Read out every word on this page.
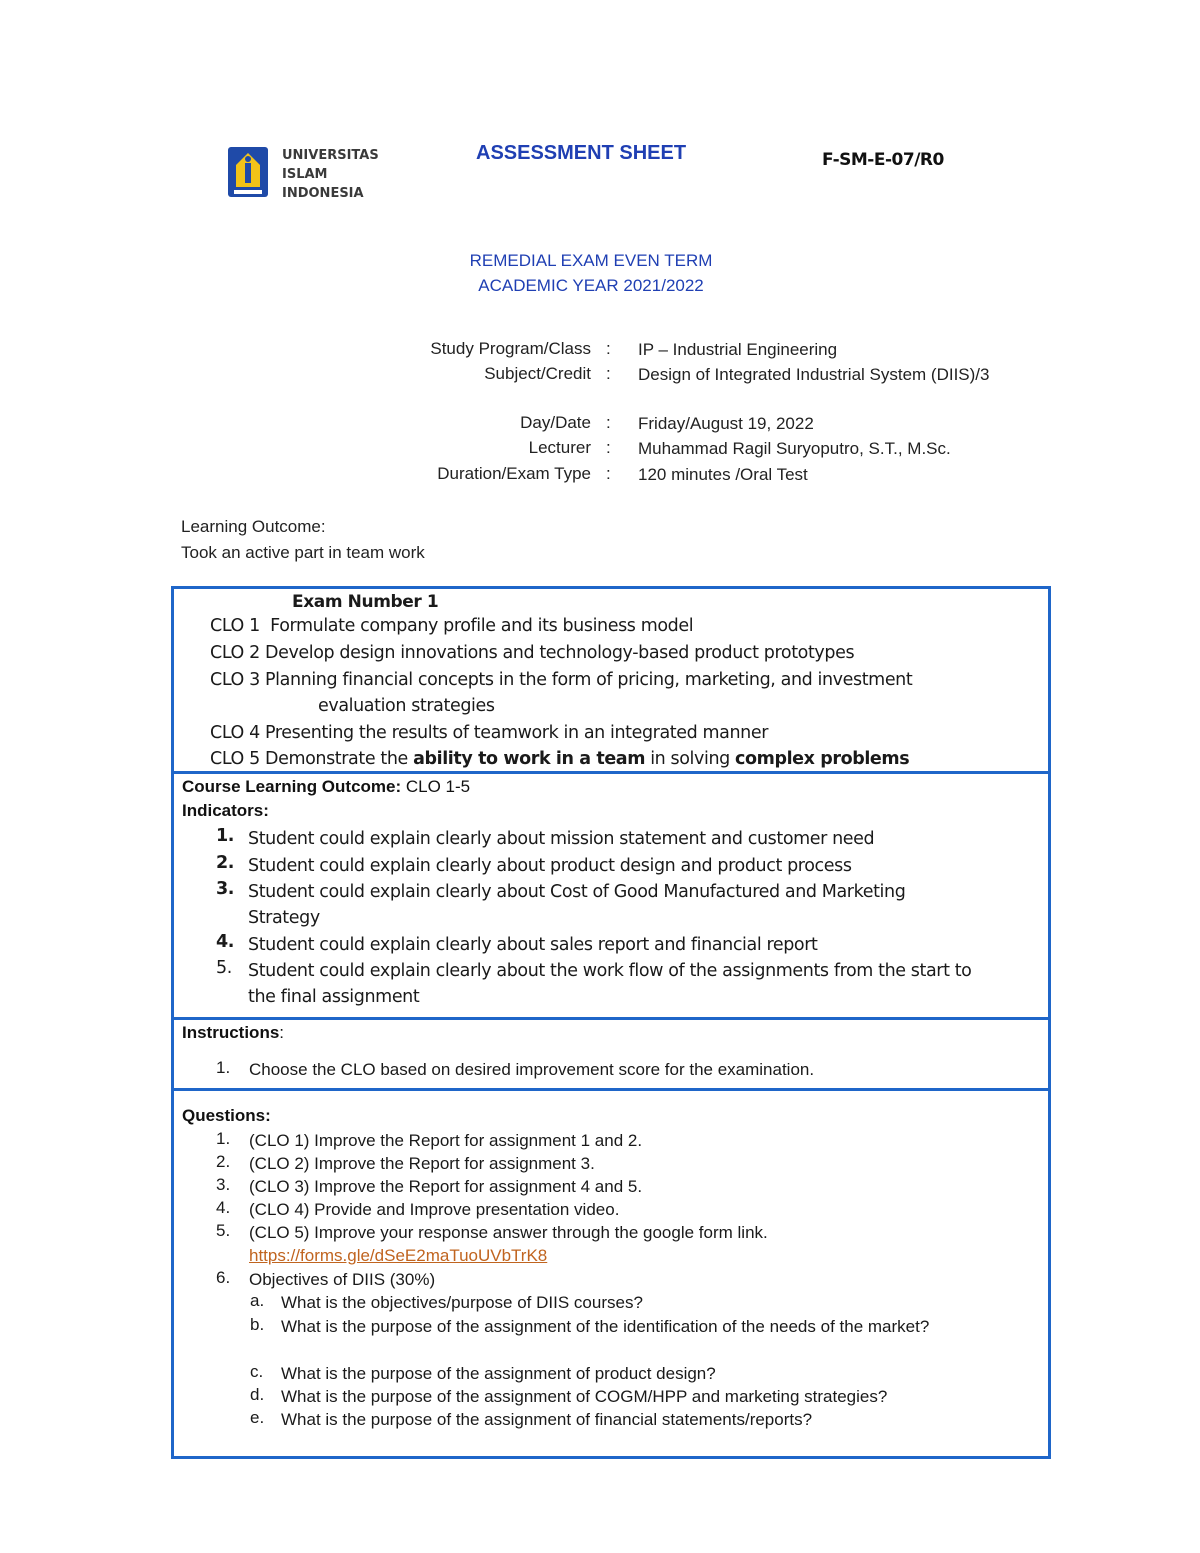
UNIVERSITAS
ISLAM
INDONESIA
ASSESSMENT SHEET	F-SM-E-07/R0
REMEDIAL EXAM EVEN TERM
ACADEMIC YEAR 2021/2022
Study Program/Class : IP – Industrial Engineering
Subject/Credit : Design of Integrated Industrial System (DIIS)/3
Day/Date : Friday/August 19, 2022
Lecturer : Muhammad Ragil Suryoputro, S.T., M.Sc.
Duration/Exam Type : 120 minutes /Oral Test
Learning Outcome:
Took an active part in team work
Exam Number 1
CLO 1 Formulate company profile and its business model
CLO 2 Develop design innovations and technology-based product prototypes
CLO 3 Planning financial concepts in the form of pricing, marketing, and investment
evaluation strategies
CLO 4 Presenting the results of teamwork in an integrated manner
CLO 5 Demonstrate the ability to work in a team in solving complex problems
Course Learning Outcome: CLO 1-5
Indicators:
1. Student could explain clearly about mission statement and customer need
2. Student could explain clearly about product design and product process
3. Student could explain clearly about Cost of Good Manufactured and Marketing Strategy
4. Student could explain clearly about sales report and financial report
5. Student could explain clearly about the work flow of the assignments from the start to the final assignment
Instructions:
1. Choose the CLO based on desired improvement score for the examination.
Questions:
1. (CLO 1) Improve the Report for assignment 1 and 2.
2. (CLO 2) Improve the Report for assignment 3.
3. (CLO 3) Improve the Report for assignment 4 and 5.
4. (CLO 4) Provide and Improve presentation video.
5. (CLO 5) Improve your response answer through the google form link.
https://forms.gle/dSeE2maTuoUVbTrK8
6. Objectives of DIIS (30%)
a. What is the objectives/purpose of DIIS courses?
b. What is the purpose of the assignment of the identification of the needs of the market?
c. What is the purpose of the assignment of product design?
d. What is the purpose of the assignment of COGM/HPP and marketing strategies?
e. What is the purpose of the assignment of financial statements/reports?
